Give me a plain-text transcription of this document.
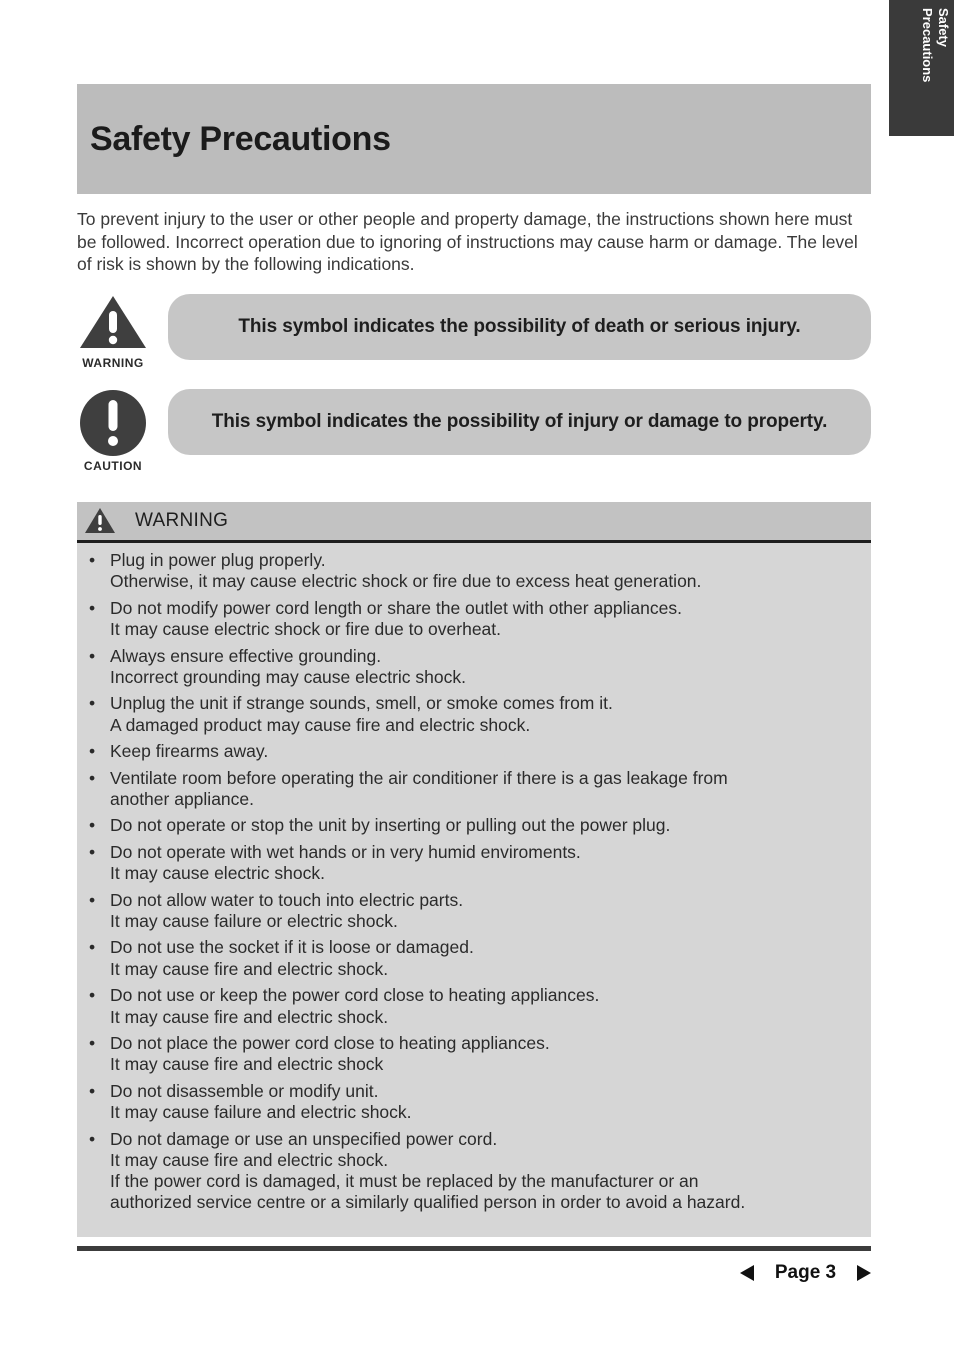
Safety
Precautions
Safety Precautions
To prevent injury to the user or other people and property damage, the instructions shown here must be followed. Incorrect operation due to ignoring of instructions may cause harm or damage. The level of risk is shown by the following indications.
WARNING
This symbol indicates the possibility of death or serious injury.
CAUTION
This symbol indicates the possibility of injury or damage to property.
WARNING
• Plug in power plug properly.
Otherwise, it may cause electric shock or fire due to excess heat generation.
• Do not modify power cord length or share the outlet with other appliances.
It may cause electric shock or fire due to overheat.
• Always ensure effective grounding.
Incorrect grounding may cause electric shock.
• Unplug the unit if strange sounds, smell, or smoke comes from it.
A damaged product may cause fire and electric shock.
• Keep firearms away.
• Ventilate room before operating the air conditioner if there is a gas leakage from
another appliance.
• Do not operate or stop the unit by inserting or pulling out the power plug.
• Do not operate with wet hands or in very humid enviroments.
It may cause electric shock.
• Do not allow water to touch into electric parts.
It may cause failure or electric shock.
• Do not use the socket if it is loose or damaged.
It may cause fire and electric shock.
• Do not use or keep the power cord close to heating appliances.
It may cause fire and electric shock.
• Do not place the power cord close to heating appliances.
It may cause fire and electric shock
• Do not disassemble or modify unit.
It may cause failure and electric shock.
• Do not damage or use an unspecified power cord.
It may cause fire and electric shock.
If the power cord is damaged, it must be replaced by the manufacturer or an
authorized service centre or a similarly qualified person in order to avoid a hazard.
Page 3
